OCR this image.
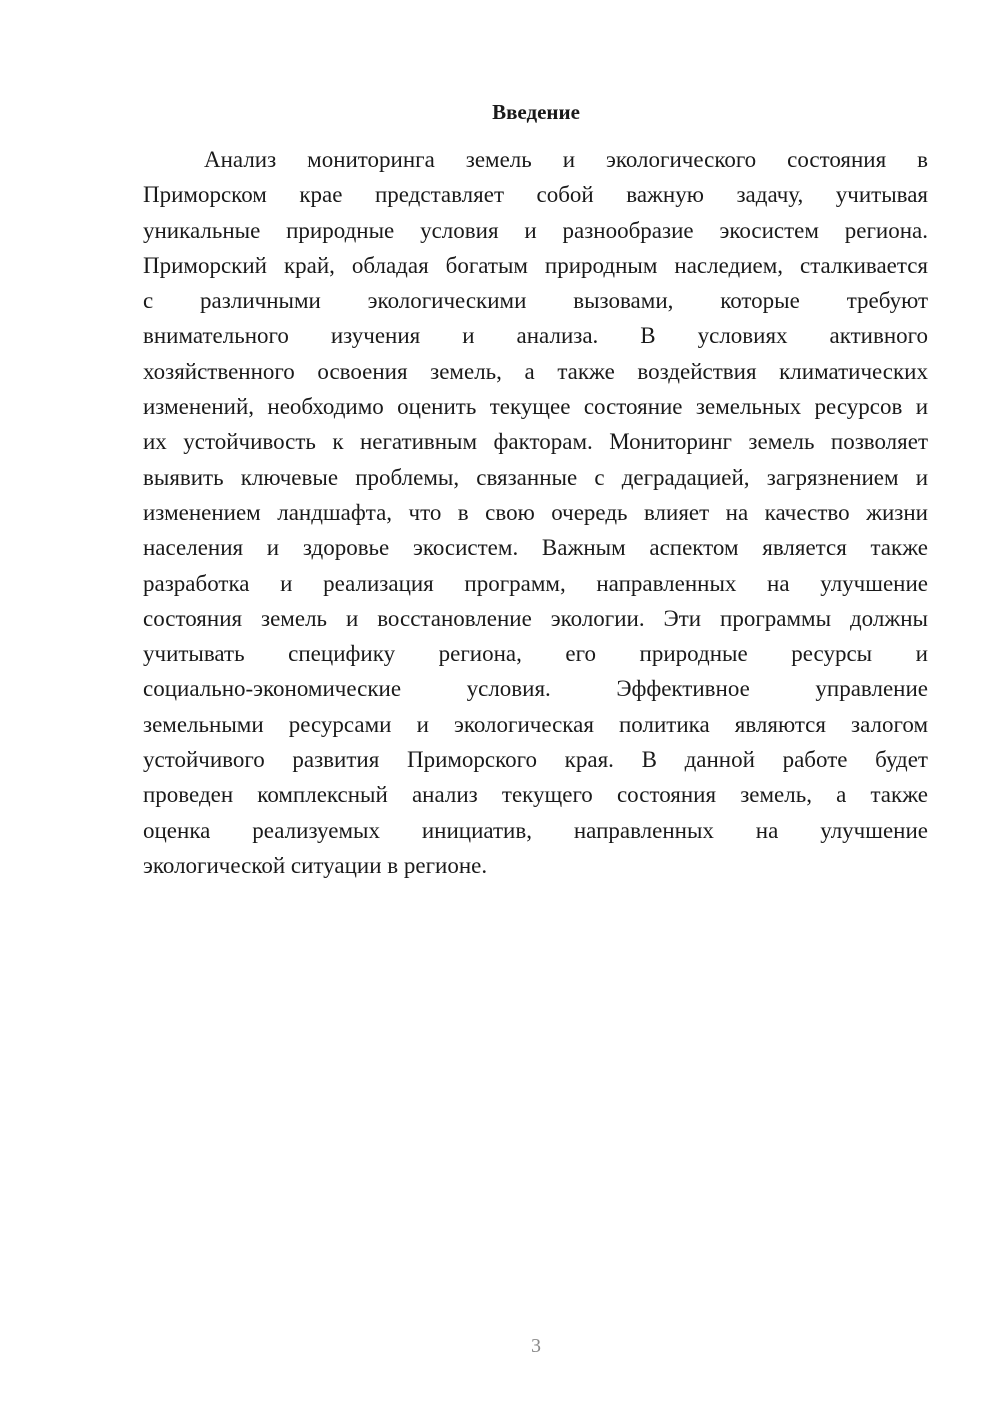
Введение
Анализ мониторинга земель и экологического состояния в
Приморском крае представляет собой важную задачу, учитывая
уникальные природные условия и разнообразие экосистем региона.
Приморский край, обладая богатым природным наследием, сталкивается
с различными экологическими вызовами, которые требуют
внимательного изучения и анализа. В условиях активного
хозяйственного освоения земель, а также воздействия климатических
изменений, необходимо оценить текущее состояние земельных ресурсов и
их устойчивость к негативным факторам. Мониторинг земель позволяет
выявить ключевые проблемы, связанные с деградацией, загрязнением и
изменением ландшафта, что в свою очередь влияет на качество жизни
населения и здоровье экосистем. Важным аспектом является также
разработка и реализация программ, направленных на улучшение
состояния земель и восстановление экологии. Эти программы должны
учитывать специфику региона, его природные ресурсы и
социально-экономические условия. Эффективное управление
земельными ресурсами и экологическая политика являются залогом
устойчивого развития Приморского края. В данной работе будет
проведен комплексный анализ текущего состояния земель, а также
оценка реализуемых инициатив, направленных на улучшение
экологической ситуации в регионе.
3
